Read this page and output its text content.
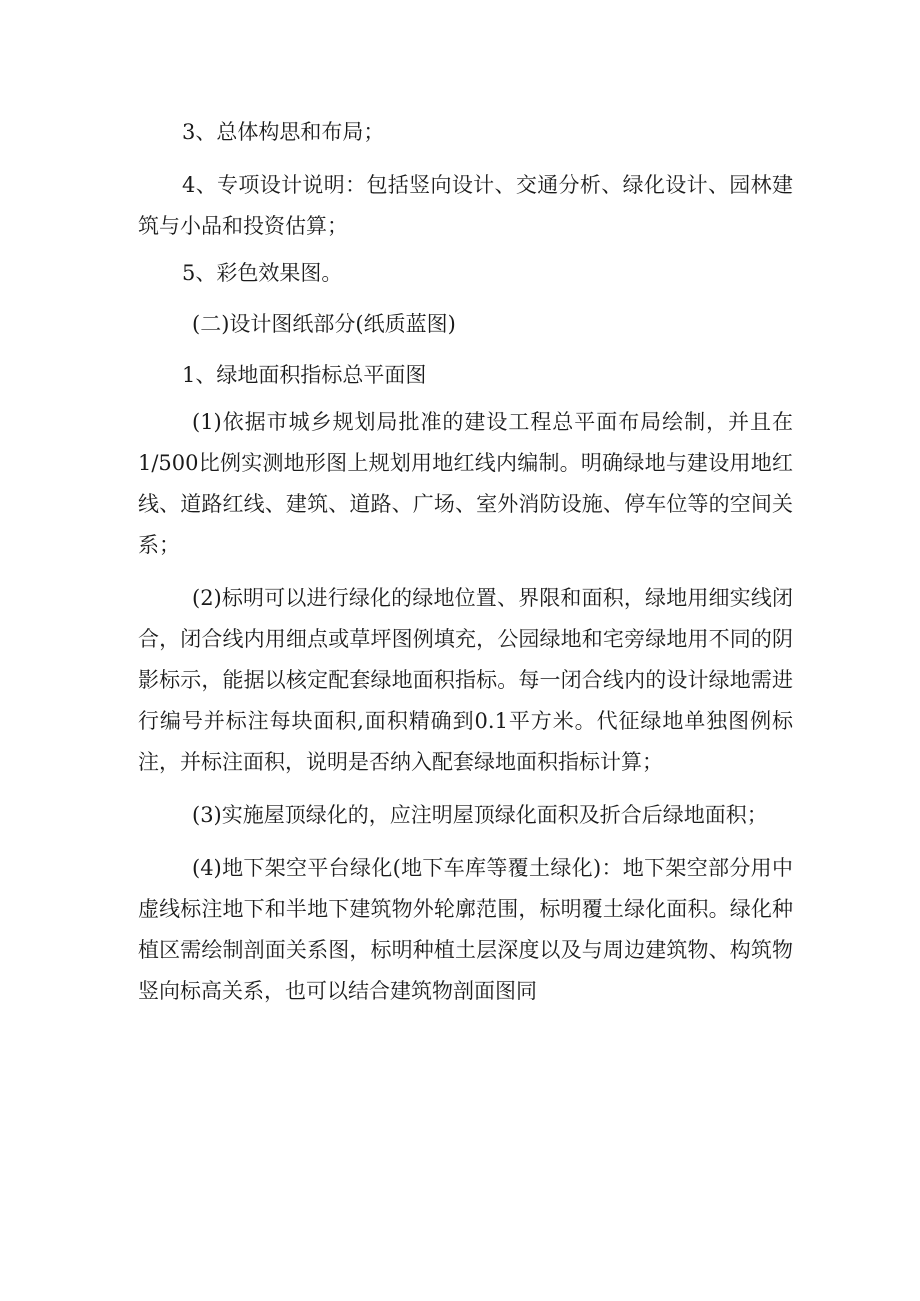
3、总体构思和布局；

4、专项设计说明：包括竖向设计、交通分析、绿化设计、园林建筑与小品和投资估算；

5、彩色效果图。

(二)设计图纸部分(纸质蓝图)

1、绿地面积指标总平面图

(1)依据市城乡规划局批准的建设工程总平面布局绘制，并且在1/500比例实测地形图上规划用地红线内编制。明确绿地与建设用地红线、道路红线、建筑、道路、广场、室外消防设施、停车位等的空间关系；

(2)标明可以进行绿化的绿地位置、界限和面积，绿地用细实线闭合，闭合线内用细点或草坪图例填充，公园绿地和宅旁绿地用不同的阴影标示，能据以核定配套绿地面积指标。每一闭合线内的设计绿地需进行编号并标注每块面积,面积精确到0.1平方米。代征绿地单独图例标注，并标注面积，说明是否纳入配套绿地面积指标计算；

(3)实施屋顶绿化的，应注明屋顶绿化面积及折合后绿地面积；

(4)地下架空平台绿化(地下车库等覆土绿化)：地下架空部分用中虚线标注地下和半地下建筑物外轮廓范围，标明覆土绿化面积。绿化种植区需绘制剖面关系图，标明种植土层深度以及与周边建筑物、构筑物竖向标高关系，也可以结合建筑物剖面图同
